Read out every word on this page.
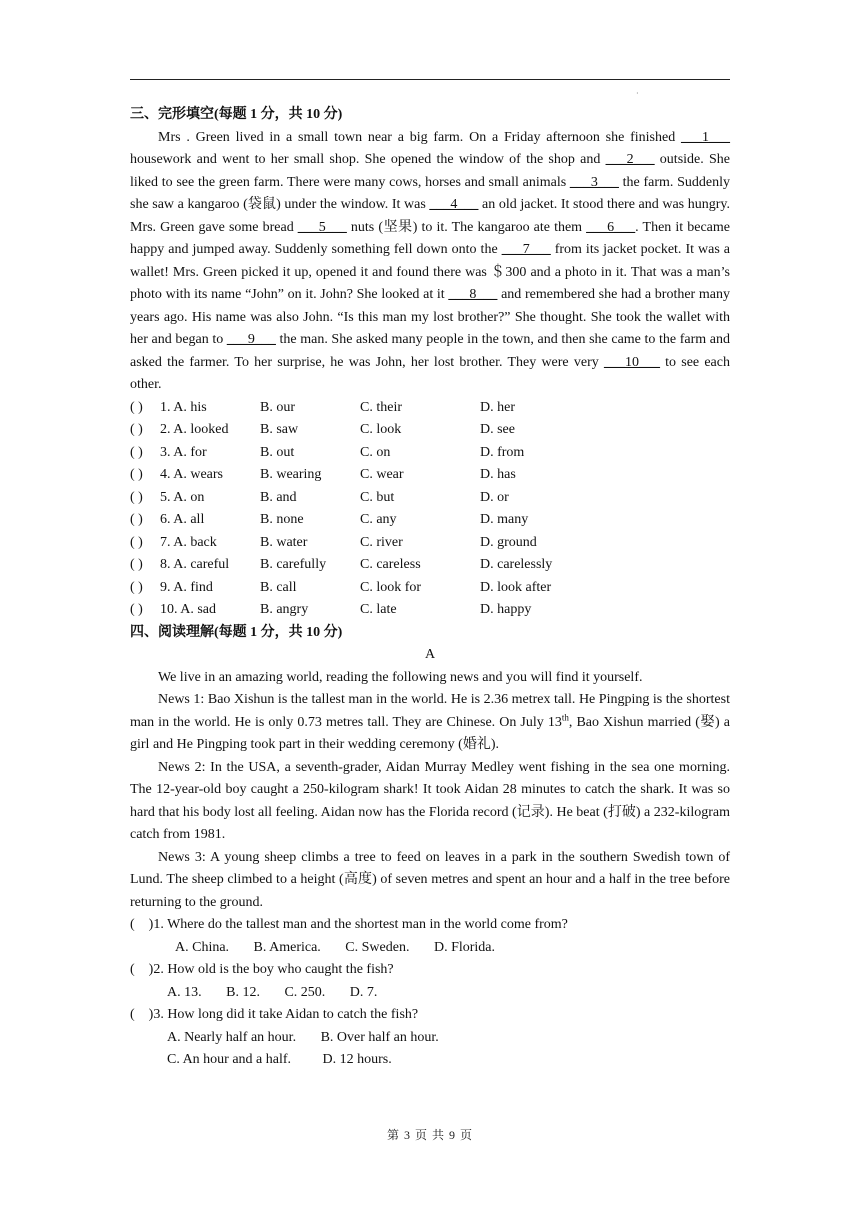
·

三、完形填空(每题 1 分，共 10 分)

Mrs . Green lived in a small town near a big farm. On a Friday afternoon she finished ___1___ housework and went to her small shop. She opened the window of the shop and ___2___ outside. She liked to see the green farm. There were many cows, horses and small animals ___3___ the farm. Suddenly she saw a kangaroo (袋鼠) under the window. It was ___4___ an old jacket. It stood there and was hungry. Mrs. Green gave some bread ___5___ nuts (坚果) to it. The kangaroo ate them ___6___. Then it became happy and jumped away. Suddenly something fell down onto the ___7___ from its jacket pocket. It was a wallet! Mrs. Green picked it up, opened it and found there was ＄300 and a photo in it. That was a man’s photo with its name “John” on it. John? She looked at it ___8___ and remembered she had a brother many years ago. His name was also John. “Is this man my lost brother?” She thought. She took the wallet with her and began to ___9___ the man. She asked many people in the town, and then she came to the farm and asked the farmer. To her surprise, he was John, her lost brother. They were very ___10___ to see each other.

( )	1. A. his	B. our	C. their	D. her
( )	2. A. looked	B. saw	C. look	D. see
( )	3. A. for	B. out	C. on	D. from
( )	4. A. wears	B. wearing	C. wear	D. has
( )	5. A. on	B. and	C. but	D. or
( )	6. A. all	B. none	C. any	D. many
( )	7. A. back	B. water	C. river	D. ground
( )	8. A. careful	B. carefully	C. careless	D. carelessly
( )	9. A. find	B. call	C. look for	D. look after
( )	10. A. sad	B. angry	C. late	D. happy

四、阅读理解(每题 1 分，共 10 分)

A

We live in an amazing world, reading the following news and you will find it yourself.

News 1: Bao Xishun is the tallest man in the world. He is 2.36 metrex tall. He Pingping is the shortest man in the world. He is only 0.73 metres tall. They are Chinese. On July 13th, Bao Xishun married (娶) a girl and He Pingping took part in their wedding ceremony (婚礼).

News 2: In the USA, a seventh-grader, Aidan Murray Medley went fishing in the sea one morning. The 12-year-old boy caught a 250-kilogram shark! It took Aidan 28 minutes to catch the shark. It was so hard that his body lost all feeling. Aidan now has the Florida record (记录). He beat (打破) a 232-kilogram catch from 1981.

News 3: A young sheep climbs a tree to feed on leaves in a park in the southern Swedish town of Lund. The sheep climbed to a height (高度) of seven metres and spent an hour and a half in the tree before returning to the ground.

(    )1. Where do the tallest man and the shortest man in the world come from?

A. China.       B. America.       C. Sweden.       D. Florida.

(    )2. How old is the boy who caught the fish?

A. 13.       B. 12.       C. 250.       D. 7.

(    )3. How long did it take Aidan to catch the fish?

A. Nearly half an hour.       B. Over half an hour.

C. An hour and a half.         D. 12 hours.

第 3 页 共 9 页
